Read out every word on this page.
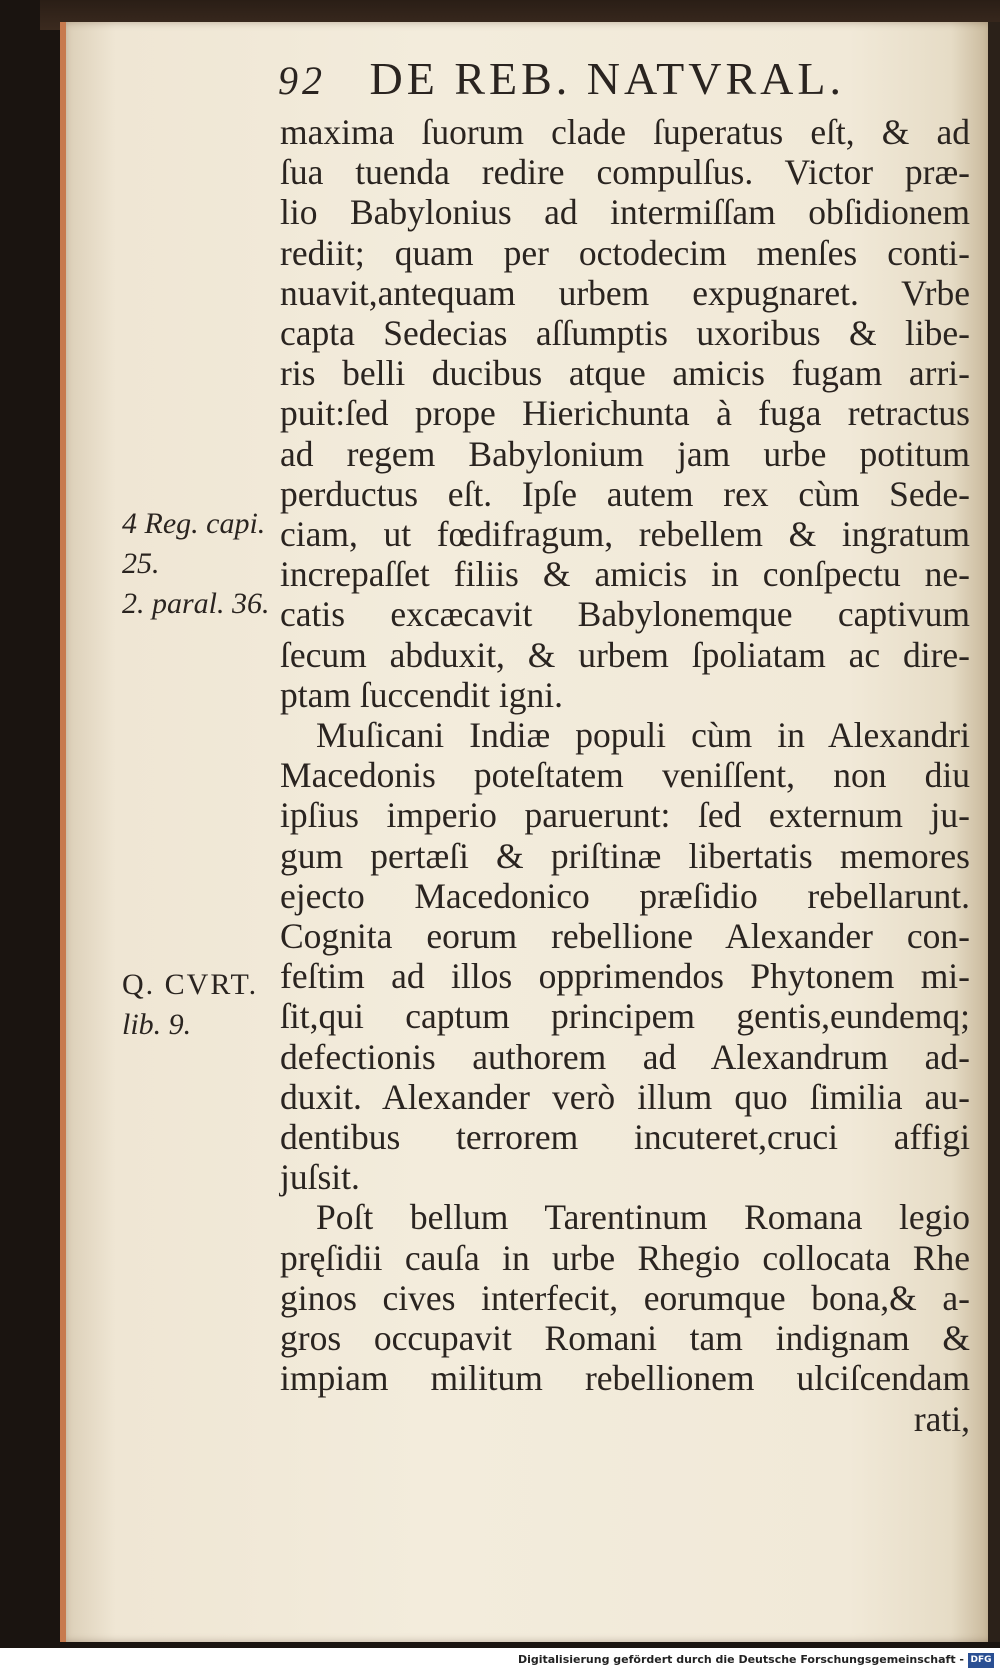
92 DE REB. NATVRAL.
maxima ſuorum clade ſuperatus eſt, & ad
ſua tuenda redire compulſus. Victor præ-
lio Babylonius ad intermiſſam obſidionem
rediit; quam per octodecim menſes conti-
nuavit,antequam urbem expugnaret. Vrbe
capta Sedecias aſſumptis uxoribus & libe-
ris belli ducibus atque amicis fugam arri-
puit:ſed prope Hierichunta à fuga retractus
ad regem Babylonium jam urbe potitum
perductus eſt. Ipſe autem rex cùm Sede-
ciam, ut fœdifragum, rebellem & ingratum
increpaſſet filiis & amicis in conſpectu ne-
catis excæcavit Babylonemque captivum
ſecum abduxit, & urbem ſpoliatam ac dire-
ptam ſuccendit igni.
Muſicani Indiæ populi cùm in Alexandri
Macedonis poteſtatem veniſſent, non diu
ipſius imperio paruerunt: ſed externum ju-
gum pertæſi & priſtinæ libertatis memores
ejecto Macedonico præſidio rebellarunt.
Cognita eorum rebellione Alexander con-
feſtim ad illos opprimendos Phytonem mi-
ſit,qui captum principem gentis,eundemq;
defectionis authorem ad Alexandrum ad-
duxit. Alexander verò illum quo ſimilia au-
dentibus terrorem incuteret,cruci affigi
juſsit.
Poſt bellum Tarentinum Romana legio
pręſidii cauſa in urbe Rhegio collocata Rhe
ginos cives interfecit, eorumque bona,& a-
gros occupavit Romani tam indignam &
impiam militum rebellionem ulciſcendam
rati,
4 Reg. capi.
25.
2. paral. 36.
Q. CVRT.
lib. 9.
Digitalisierung gefördert durch die Deutsche Forschungsgemeinschaft - DFG
